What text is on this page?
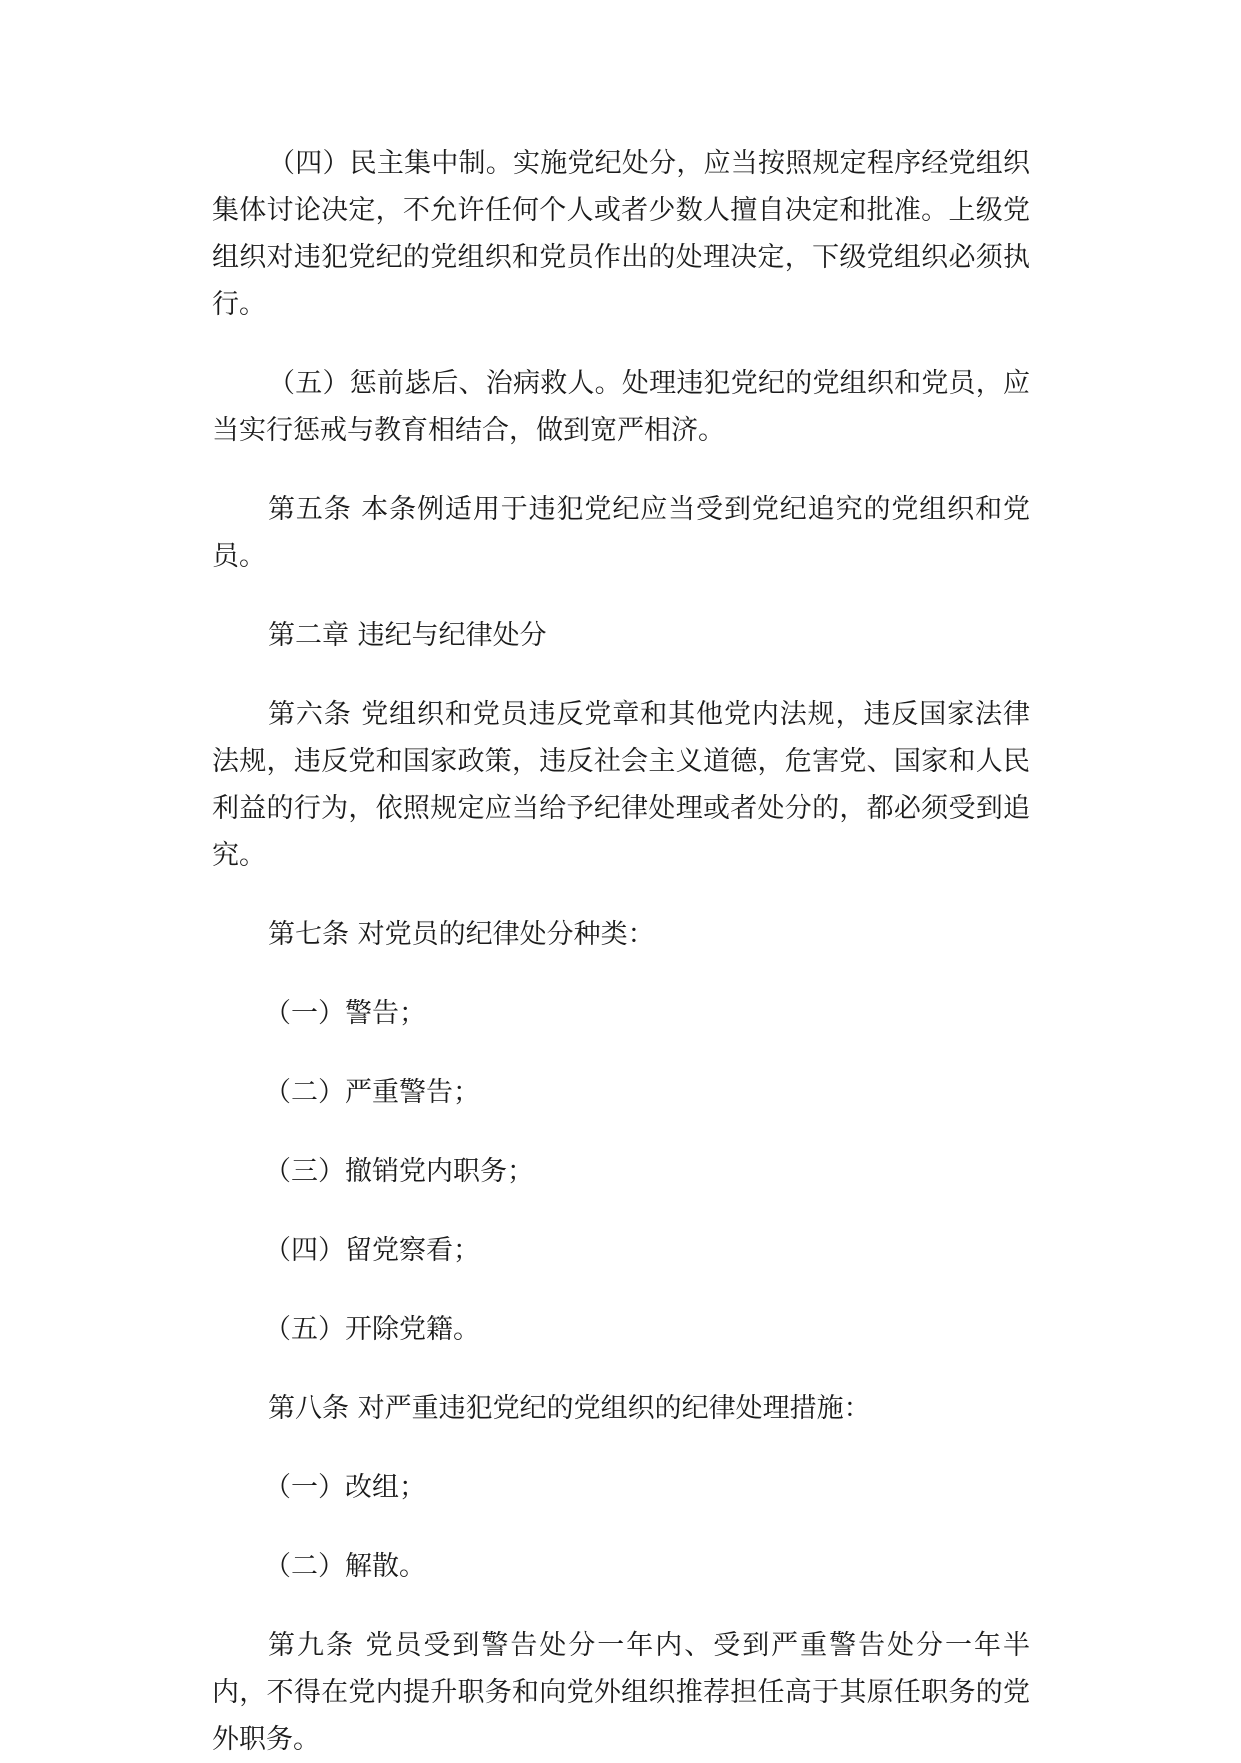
（四）民主集中制。实施党纪处分，应当按照规定程序经党组织集体讨论决定，不允许任何个人或者少数人擅自决定和批准。上级党组织对违犯党纪的党组织和党员作出的处理决定，下级党组织必须执行。

（五）惩前毖后、治病救人。处理违犯党纪的党组织和党员，应当实行惩戒与教育相结合，做到宽严相济。

第五条 本条例适用于违犯党纪应当受到党纪追究的党组织和党员。

第二章 违纪与纪律处分

第六条 党组织和党员违反党章和其他党内法规，违反国家法律法规，违反党和国家政策，违反社会主义道德，危害党、国家和人民利益的行为，依照规定应当给予纪律处理或者处分的，都必须受到追究。

第七条 对党员的纪律处分种类：

（一）警告；

（二）严重警告；

（三）撤销党内职务；

（四）留党察看；

（五）开除党籍。

第八条 对严重违犯党纪的党组织的纪律处理措施：

（一）改组；

（二）解散。

第九条 党员受到警告处分一年内、受到严重警告处分一年半内，不得在党内提升职务和向党外组织推荐担任高于其原任职务的党外职务。
